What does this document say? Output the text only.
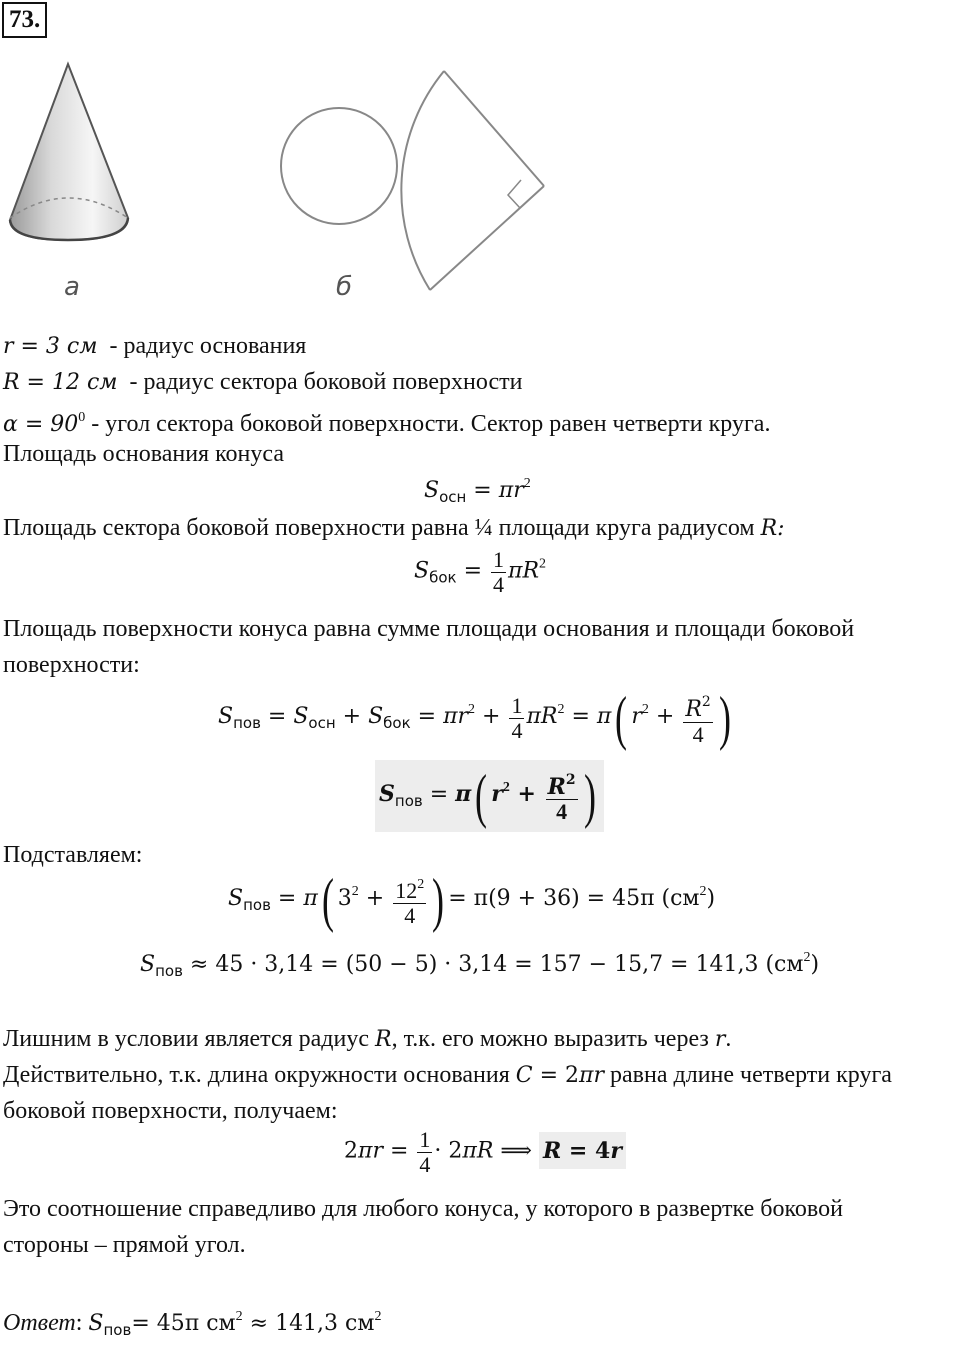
73.
а	б
r = 3 см - радиус основания
R = 12 см - радиус сектора боковой поверхности
$\alpha = 90^0$ - угол сектора боковой поверхности. Сектор равен четверти круга.
Площадь основания конуса
$S_{осн} = \pi r^2$
Площадь сектора боковой поверхности равна ¼ площади круга радиусом R:
$S_{бок} = \frac{1}{4} \pi R^2$
Площадь поверхности конуса равна сумме площади основания и площади боковой
поверхности:
$S_{пов} = S_{осн} + S_{бок} = \pi r^2 + \frac{1}{4} \pi R^2 = \pi$( $r^2 + \frac{R^2}{4}$ )
$S_{пов} = \pi$( $r^2 + \frac{R^2}{4}$ )
Подставляем:
$S_{пов} = \pi$( $3^2 + \frac{12^2}{4}$ ) = π(9 + 36) = 45π $(см^2)$
$S_{пов} \approx 45 \cdot 3,14 = (50 - 5) \cdot 3,14 = 157 - 15,7 = 141,3$ $(см^2)$
Лишним в условии является радиус R, т.к. его можно выразить через r.
Действительно, т.к. длина окружности основания C = 2πr равна длине четверти круга
боковой поверхности, получаем:
$2\pi r = \frac{1}{4} \cdot 2\pi R$ ⟹ R = 4r
Это соотношение справедливо для любого конуса, у которого в развертке боковой
стороны – прямой угол.
Ответ: $S_{пов}= 45\pi$ $см^2 \approx 141,3$ $см^2$
